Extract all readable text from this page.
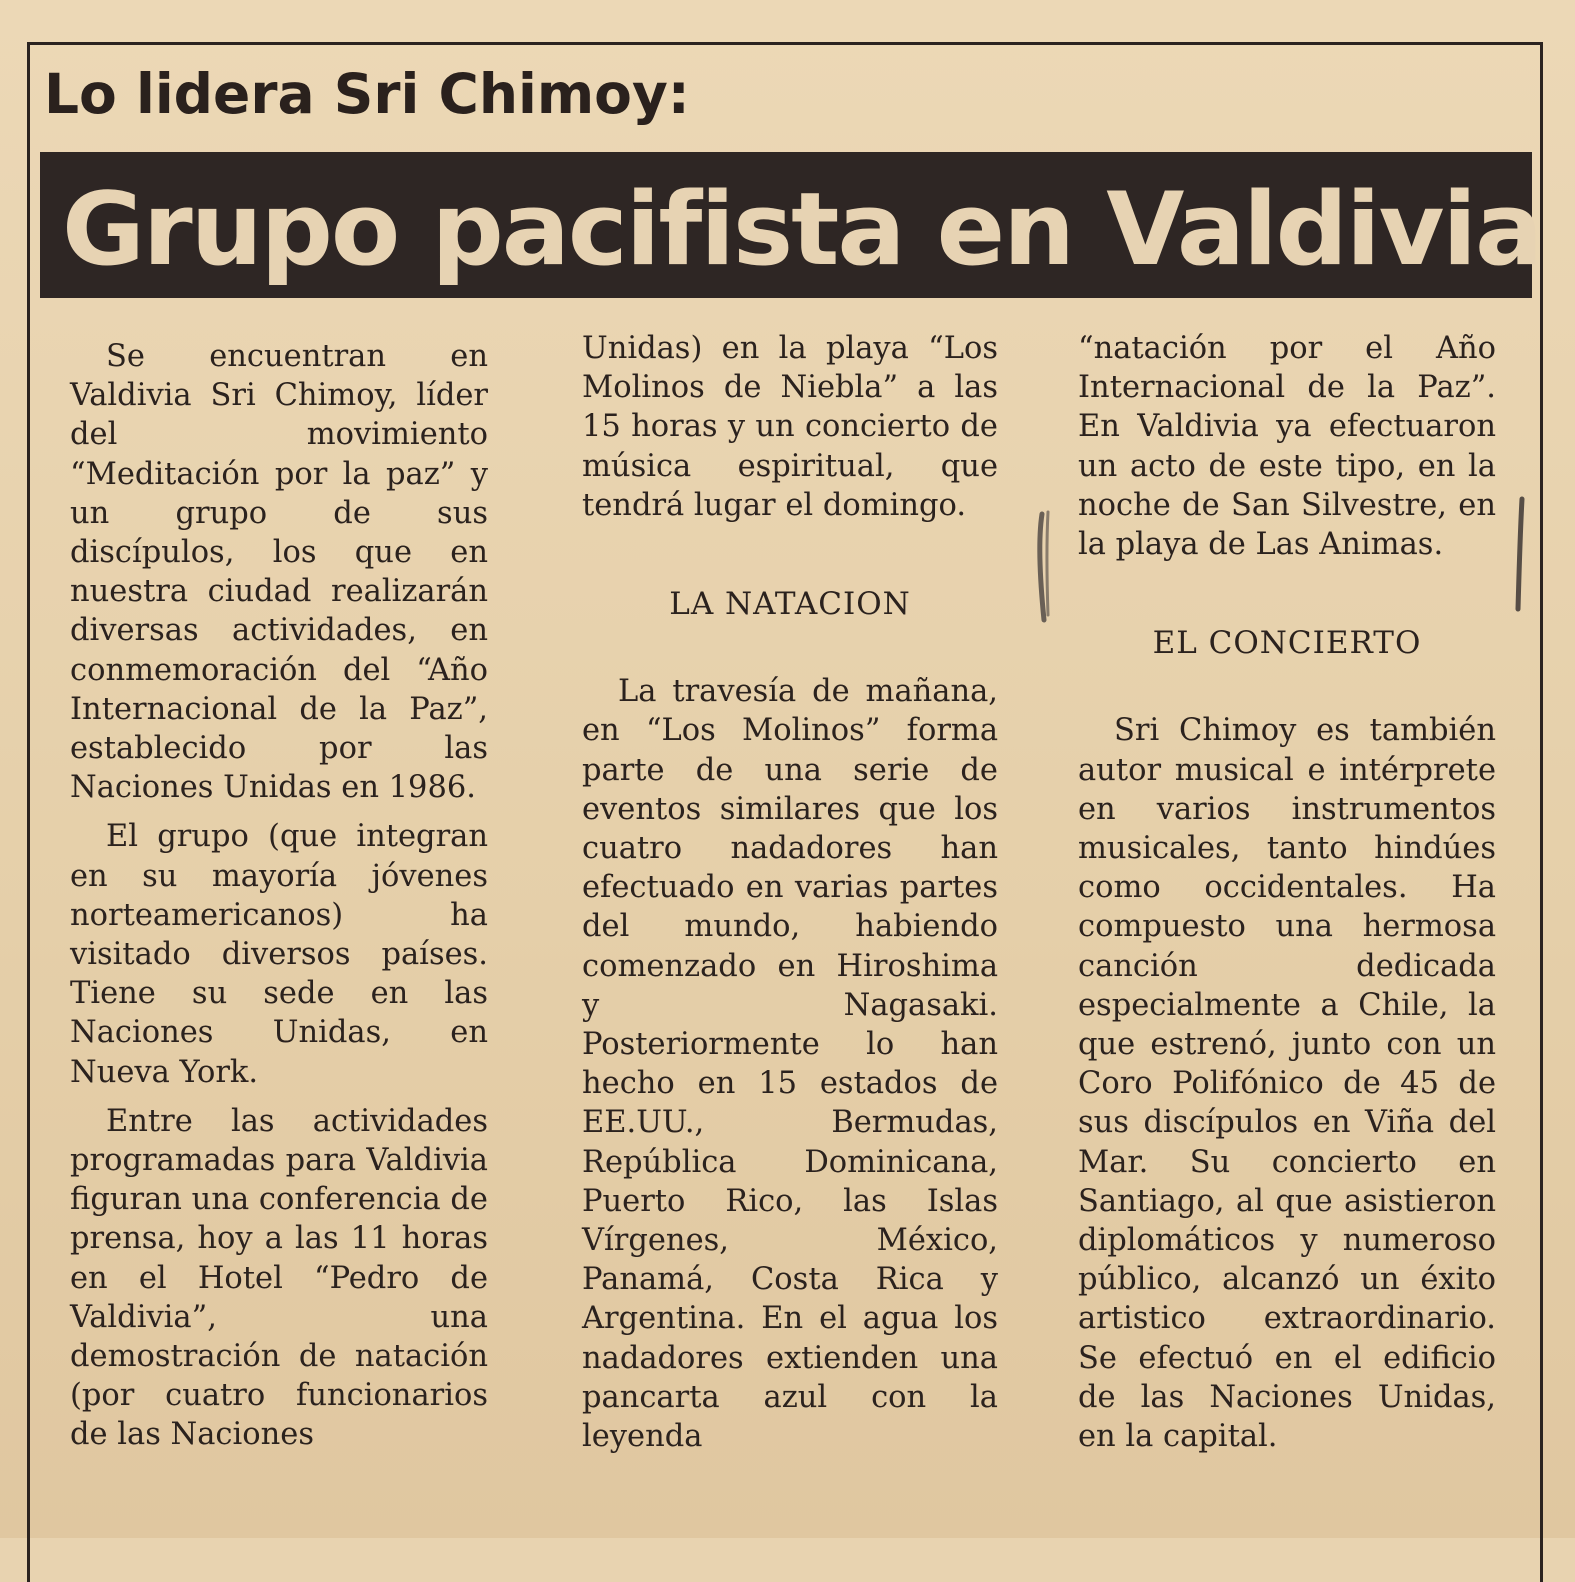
Lo lidera Sri Chimoy:
Grupo pacifista en Valdivia

Se encuentran en Valdivia Sri Chimoy, líder del movimiento “Meditación por la paz” y un grupo de sus discípulos, los que en nuestra ciudad realizarán diversas actividades, en conmemoración del “Año Internacional de la Paz”, establecido por las Naciones Unidas en 1986.

El grupo (que integran en su mayoría jóvenes norteamericanos) ha visitado diversos países. Tiene su sede en las Naciones Unidas, en Nueva York.

Entre las actividades programadas para Valdivia figuran una conferencia de prensa, hoy a las 11 horas en el Hotel “Pedro de Valdivia”, una demostración de natación (por cuatro funcionarios de las Naciones

Unidas) en la playa “Los Molinos de Niebla” a las 15 horas y un concierto de música espiritual, que tendrá lugar el domingo.

LA NATACION

La travesía de mañana, en “Los Molinos” forma parte de una serie de eventos similares que los cuatro nadadores han efectuado en varias partes del mundo, habiendo comenzado en Hiroshima y Nagasaki. Posteriormente lo han hecho en 15 estados de EE.UU., Bermudas, República Dominicana, Puerto Rico, las Islas Vírgenes, México, Panamá, Costa Rica y Argentina. En el agua los nadadores extienden una pancarta azul con la leyenda

“natación por el Año Internacional de la Paz”. En Valdivia ya efectuaron un acto de este tipo, en la noche de San Silvestre, en la playa de Las Animas.

EL CONCIERTO

Sri Chimoy es también autor musical e intérprete en varios instrumentos musicales, tanto hindúes como occidentales. Ha compuesto una hermosa canción dedicada especialmente a Chile, la que estrenó, junto con un Coro Polifónico de 45 de sus discípulos en Viña del Mar. Su concierto en Santiago, al que asistieron diplomáticos y numeroso público, alcanzó un éxito artistico extraordinario. Se efectuó en el edificio de las Naciones Unidas, en la capital.
